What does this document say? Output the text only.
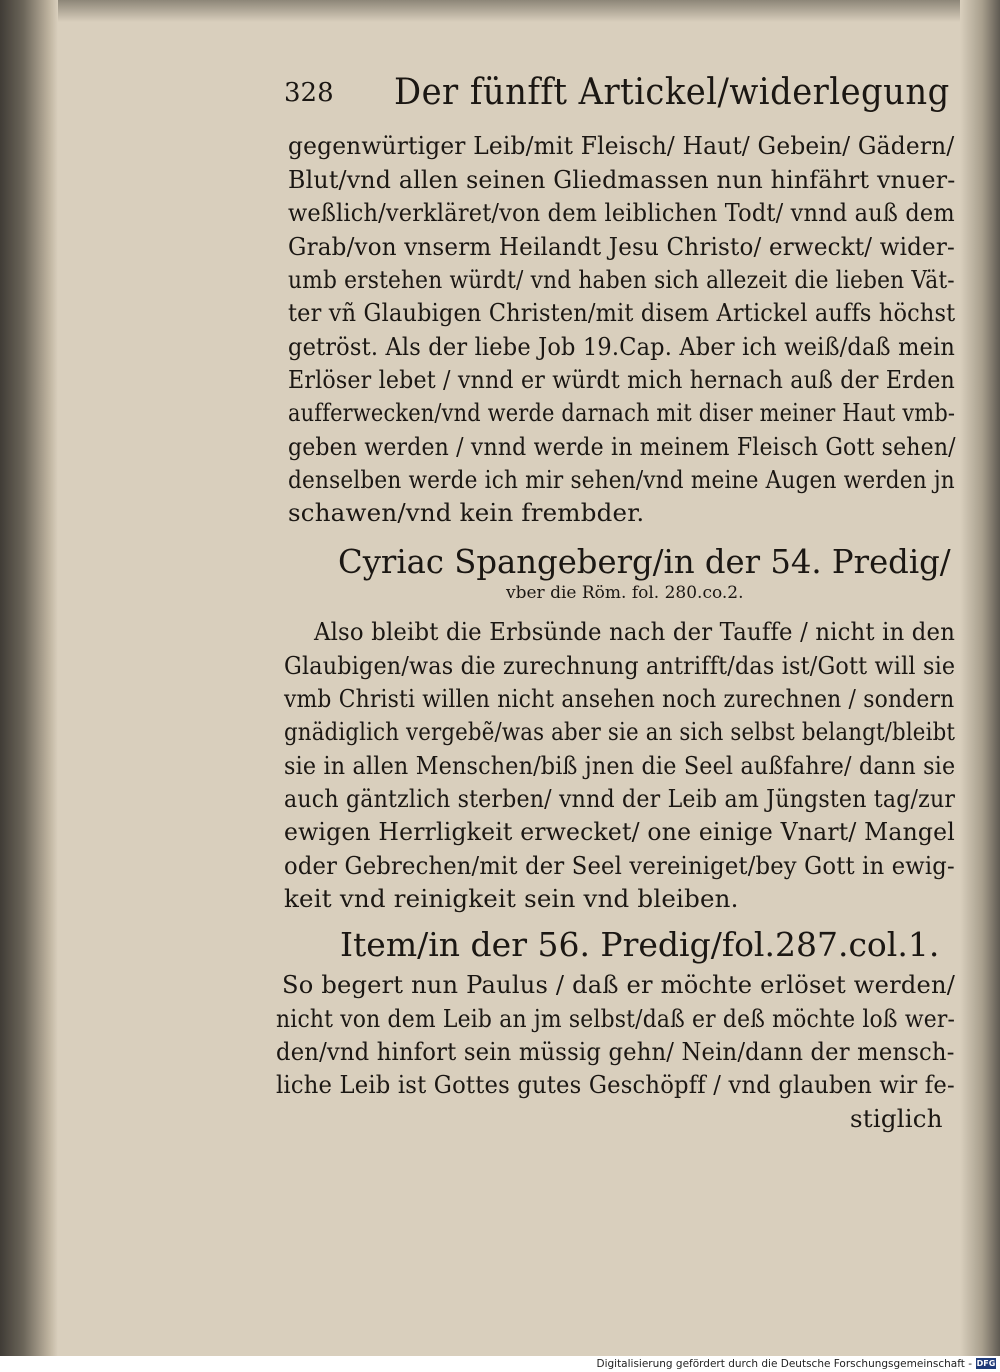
328 Der fünfft Artickel/widerlegung
gegenwürtiger Leib/mit Fleisch/ Haut/ Gebein/ Gädern/
Blut/vnd allen seinen Gliedmassen nun hinfährt vnuer-
weßlich/verkläret/von dem leiblichen Todt/ vnnd auß dem
Grab/von vnserm Heilandt Jesu Christo/ erweckt/ wider-
umb erstehen würdt/ vnd haben sich allezeit die lieben Vät-
ter vñ Glaubigen Christen/mit disem Artickel auffs höchst
getröst. Als der liebe Job 19.Cap. Aber ich weiß/daß mein
Erlöser lebet / vnnd er würdt mich hernach auß der Erden
aufferwecken/vnd werde darnach mit diser meiner Haut vmb-
geben werden / vnnd werde in meinem Fleisch Gott sehen/
denselben werde ich mir sehen/vnd meine Augen werden jn
schawen/vnd kein frembder.
Cyriac Spangeberg/in der 54. Predig/
vber die Röm. fol. 280.co.2.
Also bleibt die Erbsünde nach der Tauffe / nicht in den
Glaubigen/was die zurechnung antrifft/das ist/Gott will sie
vmb Christi willen nicht ansehen noch zurechnen / sondern
gnädiglich vergebẽ/was aber sie an sich selbst belangt/bleibt
sie in allen Menschen/biß jnen die Seel außfahre/ dann sie
auch gäntzlich sterben/ vnnd der Leib am Jüngsten tag/zur
ewigen Herrligkeit erwecket/ one einige Vnart/ Mangel
oder Gebrechen/mit der Seel vereiniget/bey Gott in ewig-
keit vnd reinigkeit sein vnd bleiben.
Item/in der 56. Predig/fol.287.col.1.
So begert nun Paulus / daß er möchte erlöset werden/
nicht von dem Leib an jm selbst/daß er deß möchte loß wer-
den/vnd hinfort sein müssig gehn/ Nein/dann der mensch-
liche Leib ist Gottes gutes Geschöpff / vnd glauben wir fe-
stiglich
Digitalisierung gefördert durch die Deutsche Forschungsgemeinschaft - DFG
